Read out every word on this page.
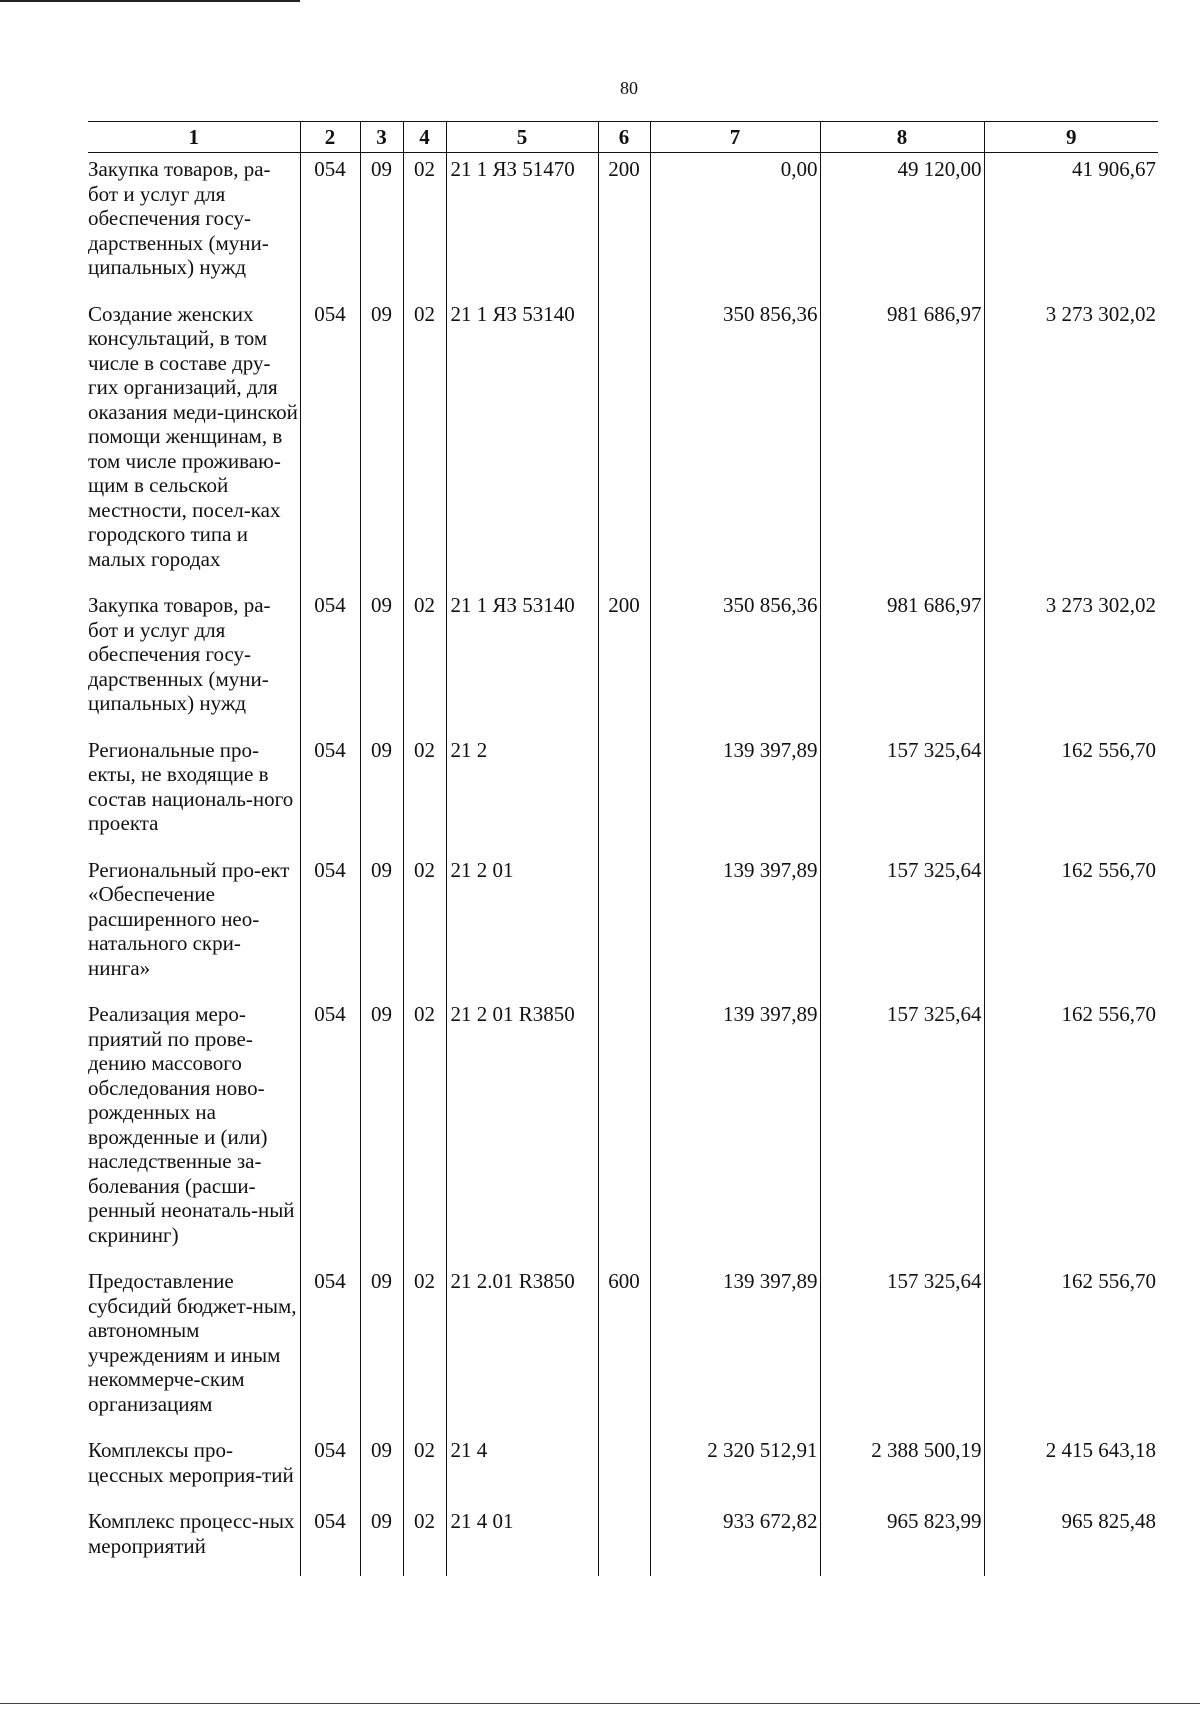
80
1	2	3	4	5	6	7	8	9
Закупка товаров, ра-бот и услуг для обеспечения госу-дарственных (муни-ципальных) нужд	054	09	02	21 1 ЯЗ 51470	200	0,00	49 120,00	41 906,67
Создание женских консультаций, в том числе в составе дру-гих организаций, для оказания меди-цинской помощи женщинам, в том числе проживаю-щим в сельской местности, посел-ках городского типа и малых городах	054	09	02	21 1 ЯЗ 53140		350 856,36	981 686,97	3 273 302,02
Закупка товаров, ра-бот и услуг для обеспечения госу-дарственных (муни-ципальных) нужд	054	09	02	21 1 ЯЗ 53140	200	350 856,36	981 686,97	3 273 302,02
Региональные про-екты, не входящие в состав националь-ного проекта	054	09	02	21 2		139 397,89	157 325,64	162 556,70
Региональный про-ект «Обеспечение расширенного нео-натального скри-нинга»	054	09	02	21 2 01		139 397,89	157 325,64	162 556,70
Реализация меро-приятий по прове-дению массового обследования ново-рожденных на врожденные и (или) наследственные за-болевания (расши-ренный неонаталь-ный скрининг)	054	09	02	21 2 01 R3850		139 397,89	157 325,64	162 556,70
Предоставление субсидий бюджет-ным, автономным учреждениям и иным некоммерче-ским организациям	054	09	02	21 2.01 R3850	600	139 397,89	157 325,64	162 556,70
Комплексы про-цессных мероприя-тий	054	09	02	21 4		2 320 512,91	2 388 500,19	2 415 643,18
Комплекс процесс-ных мероприятий	054	09	02	21 4 01		933 672,82	965 823,99	965 825,48
